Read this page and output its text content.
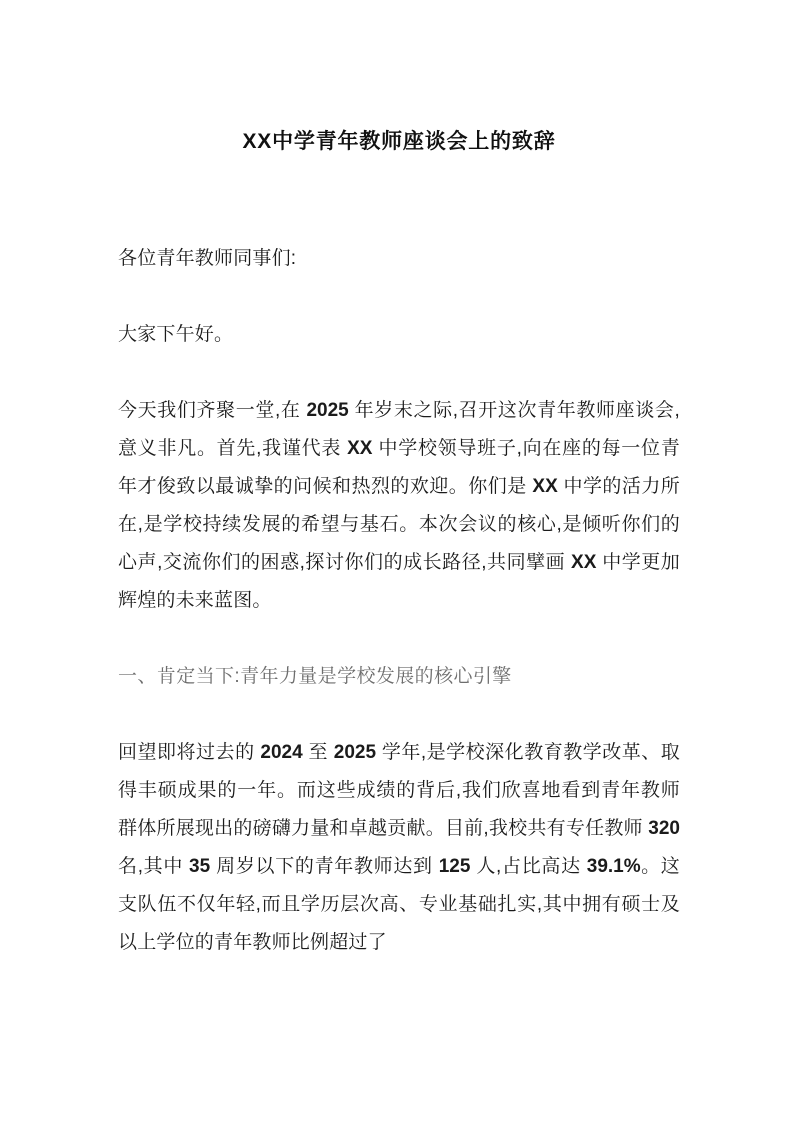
XX中学青年教师座谈会上的致辞

各位青年教师同事们:

大家下午好。

今天我们齐聚一堂,在 2025 年岁末之际,召开这次青年教师座谈会,意义非凡。首先,我谨代表 XX 中学校领导班子,向在座的每一位青年才俊致以最诚挚的问候和热烈的欢迎。你们是 XX 中学的活力所在,是学校持续发展的希望与基石。本次会议的核心,是倾听你们的心声,交流你们的困惑,探讨你们的成长路径,共同擘画 XX 中学更加辉煌的未来蓝图。

一、肯定当下:青年力量是学校发展的核心引擎

回望即将过去的 2024 至 2025 学年,是学校深化教育教学改革、取得丰硕成果的一年。而这些成绩的背后,我们欣喜地看到青年教师群体所展现出的磅礴力量和卓越贡献。目前,我校共有专任教师 320 名,其中 35 周岁以下的青年教师达到 125 人,占比高达 39.1%。这支队伍不仅年轻,而且学历层次高、专业基础扎实,其中拥有硕士及以上学位的青年教师比例超过了
